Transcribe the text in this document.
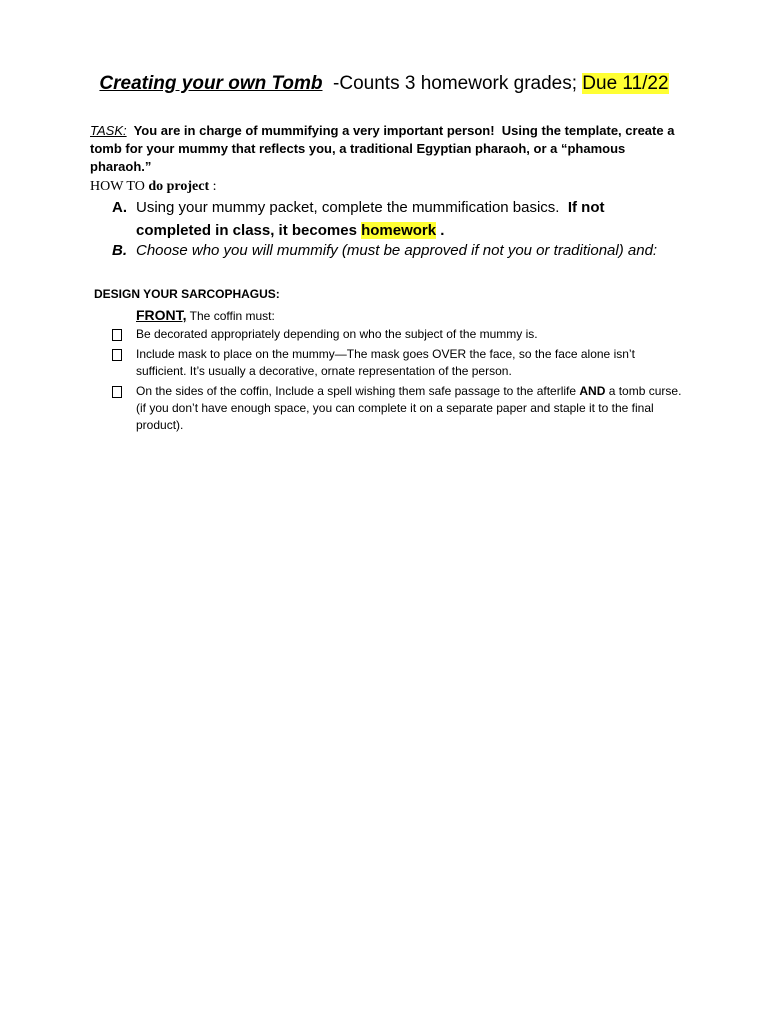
Creating your own Tomb  -Counts 3 homework grades; Due 11/22
TASK:  You are in charge of mummifying a very important person!  Using the template, create a tomb for your mummy that reflects you, a traditional Egyptian pharaoh, or a “phamous pharaoh.”
HOW TO do project :
A. Using your mummy packet, complete the mummification basics.  If not completed in class, it becomes homework .
B. Choose who you will mummify (must be approved if not you or traditional) and:
DESIGN YOUR SARCOPHAGUS:
FRONT, The coffin must:
Be decorated appropriately depending on who the subject of the mummy is.
Include mask to place on the mummy—The mask goes OVER the face, so the face alone isn’t sufficient. It’s usually a decorative, ornate representation of the person.
On the sides of the coffin, Include a spell wishing them safe passage to the afterlife AND a tomb curse. (if you don’t have enough space, you can complete it on a separate paper and staple it to the final product).
